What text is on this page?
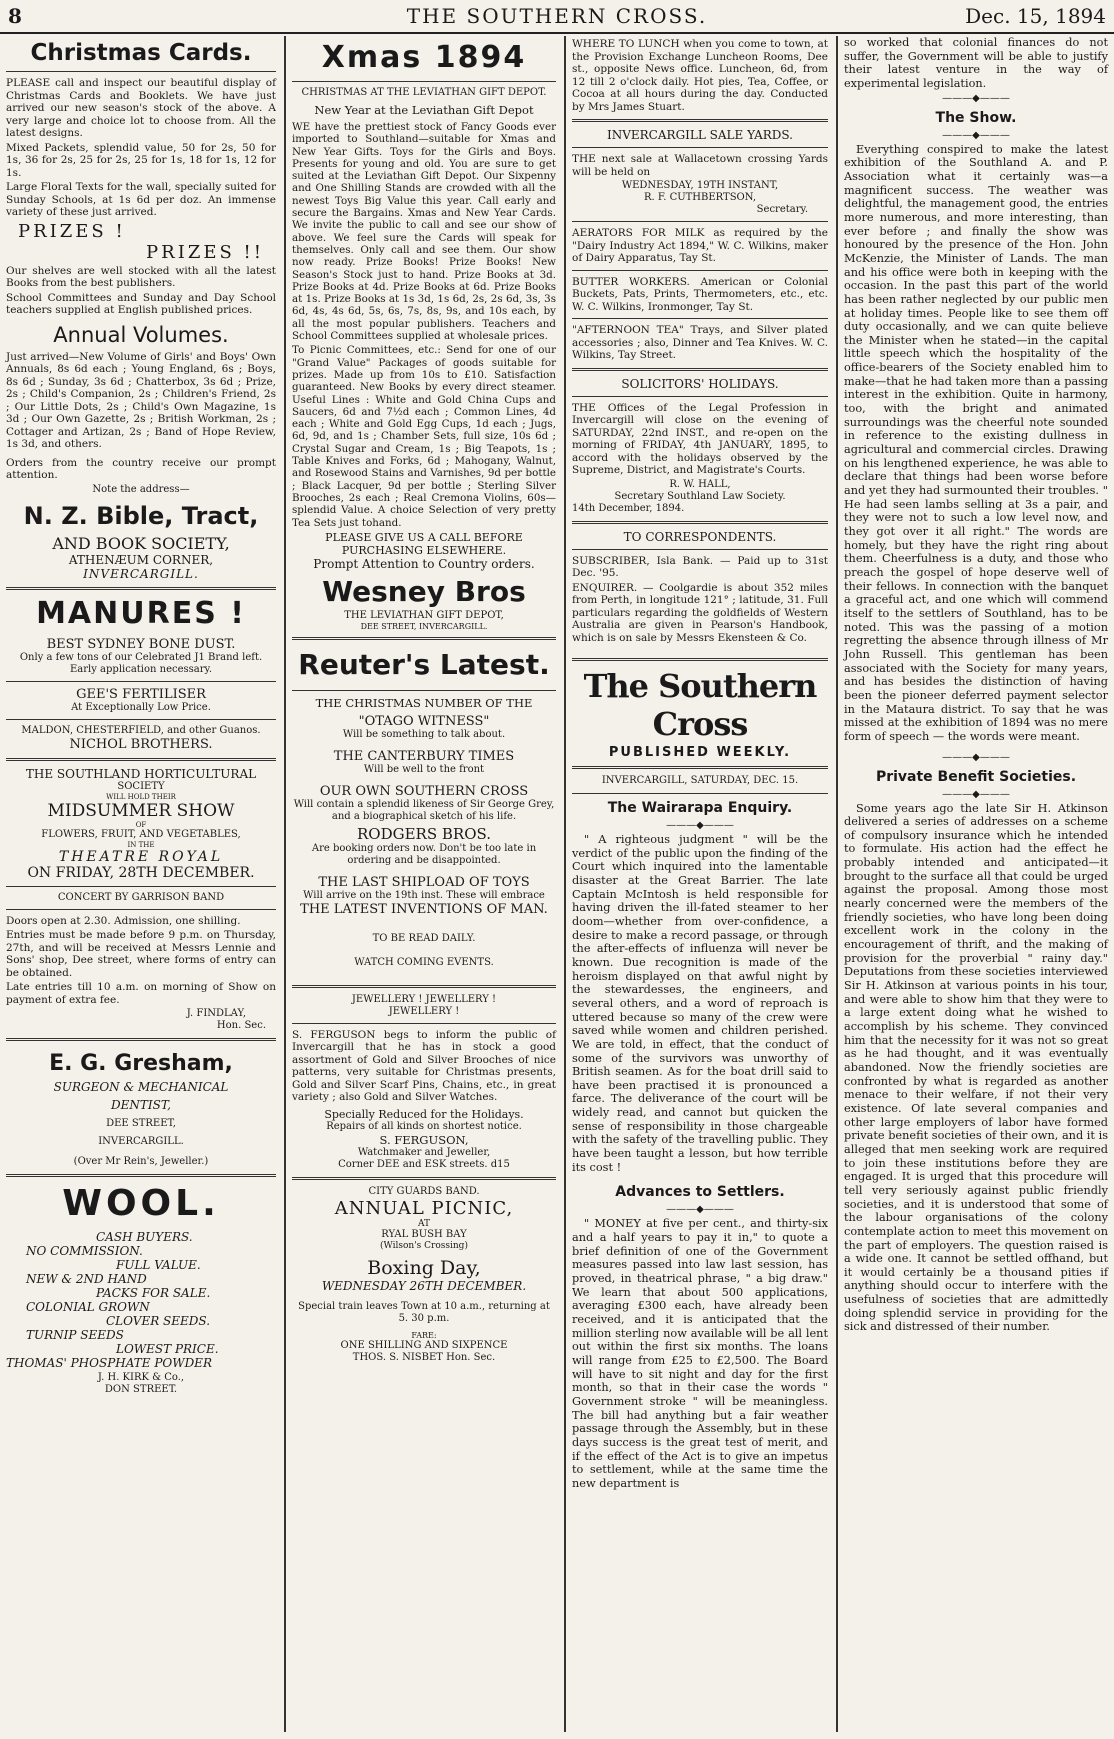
8	THE SOUTHERN CROSS.	Dec. 15, 1894
Christmas Cards.

PLEASE call and inspect our beautiful display of Christmas Cards and Booklets. We have just arrived our new season's stock of the above. A very large and choice lot to choose from. All the latest designs.

Mixed Packets, splendid value, 50 for 2s, 50 for 1s, 36 for 2s, 25 for 2s, 25 for 1s, 18 for 1s, 12 for 1s.

Large Floral Texts for the wall, specially suited for Sunday Schools, at 1s 6d per doz. An immense variety of these just arrived.

PRIZES !
PRIZES !!

Our shelves are well stocked with all the latest Books from the best publishers.

School Committees and Sunday and Day School teachers supplied at English published prices.

Annual Volumes.

Just arrived—New Volume of Girls' and Boys' Own Annuals, 8s 6d each ; Young England, 6s ; Boys, 8s 6d ; Sunday, 3s 6d ; Chatterbox, 3s 6d ; Prize, 2s ; Child's Companion, 2s ; Children's Friend, 2s ; Our Little Dots, 2s ; Child's Own Magazine, 1s 3d ; Our Own Gazette, 2s ; British Workman, 2s ; Cottager and Artizan, 2s ; Band of Hope Review, 1s 3d, and others.

Orders from the country receive our prompt attention.

Note the address—
N. Z. Bible, Tract,
AND BOOK SOCIETY,
ATHENÆUM CORNER,
INVERCARGILL.
MANURES !
BEST SYDNEY BONE DUST.
Only a few tons of our Celebrated J1 Brand left. Early application necessary.
GEE'S FERTILISER
At Exceptionally Low Price.
MALDON, CHESTERFIELD, and other Guanos.
NICHOL BROTHERS.
THE SOUTHLAND HORTICULTURAL
SOCIETY
WILL HOLD THEIR
MIDSUMMER SHOW
OF
FLOWERS, FRUIT, AND VEGETABLES,
IN THE
THEATRE ROYAL
ON FRIDAY, 28TH DECEMBER.
CONCERT BY GARRISON BAND

Doors open at 2.30. Admission, one shilling.

Entries must be made before 9 p.m. on Thursday, 27th, and will be received at Messrs Lennie and Sons' shop, Dee street, where forms of entry can be obtained.

Late entries till 10 a.m. on morning of Show on payment of extra fee.

J. FINDLAY,
Hon. Sec.
E. G. Gresham,
SURGEON & MECHANICAL
DENTIST,
DEE STREET,
INVERCARGILL.
(Over Mr Rein's, Jeweller.)
WOOL.
CASH BUYERS.
NO COMMISSION.
FULL VALUE.
NEW & 2ND HAND
PACKS FOR SALE.
COLONIAL GROWN
CLOVER SEEDS.
TURNIP SEEDS
LOWEST PRICE.
THOMAS' PHOSPHATE POWDER
J. H. KIRK & Co.,
DON STREET.
Xmas 1894
CHRISTMAS AT THE LEVIATHAN GIFT DEPOT.
New Year at the Leviathan Gift Depot

WE have the prettiest stock of Fancy Goods ever imported to Southland—suitable for Xmas and New Year Gifts. Toys for the Girls and Boys. Presents for young and old. You are sure to get suited at the Leviathan Gift Depot. Our Sixpenny and One Shilling Stands are crowded with all the newest Toys Big Value this year. Call early and secure the Bargains. Xmas and New Year Cards. We invite the public to call and see our show of above. We feel sure the Cards will speak for themselves. Only call and see them. Our show now ready. Prize Books! Prize Books! New Season's Stock just to hand. Prize Books at 3d. Prize Books at 4d. Prize Books at 6d. Prize Books at 1s. Prize Books at 1s 3d, 1s 6d, 2s, 2s 6d, 3s, 3s 6d, 4s, 4s 6d, 5s, 6s, 7s, 8s, 9s, and 10s each, by all the most popular publishers. Teachers and School Committees supplied at wholesale prices.

To Picnic Committees, etc.: Send for one of our "Grand Value" Packages of goods suitable for prizes. Made up from 10s to £10. Satisfaction guaranteed. New Books by every direct steamer. Useful Lines : White and Gold China Cups and Saucers, 6d and 7½d each ; Common Lines, 4d each ; White and Gold Egg Cups, 1d each ; Jugs, 6d, 9d, and 1s ; Chamber Sets, full size, 10s 6d ; Crystal Sugar and Cream, 1s ; Big Teapots, 1s ; Table Knives and Forks, 6d ; Mahogany, Walnut, and Rosewood Stains and Varnishes, 9d per bottle ; Black Lacquer, 9d per bottle ; Sterling Silver Brooches, 2s each ; Real Cremona Violins, 60s—splendid Value. A choice Selection of very pretty Tea Sets just tohand.

PLEASE GIVE US A CALL BEFORE
PURCHASING ELSEWHERE.
Prompt Attention to Country orders.
Wesney Bros
THE LEVIATHAN GIFT DEPOT,
DEE STREET, INVERCARGILL.
Reuter's Latest.
THE CHRISTMAS NUMBER OF THE
"OTAGO WITNESS"
Will be something to talk about.
THE CANTERBURY TIMES
Will be well to the front
OUR OWN SOUTHERN CROSS
Will contain a splendid likeness of Sir George Grey, and a biographical sketch of his life.
RODGERS BROS.
Are booking orders now. Don't be too late in ordering and be disappointed.
THE LAST SHIPLOAD OF TOYS
Will arrive on the 19th inst. These will embrace
THE LATEST INVENTIONS OF MAN.
TO BE READ DAILY.
WATCH COMING EVENTS.
JEWELLERY ! JEWELLERY !
JEWELLERY !

S. FERGUSON begs to inform the public of Invercargill that he has in stock a good assortment of Gold and Silver Brooches of nice patterns, very suitable for Christmas presents, Gold and Silver Scarf Pins, Chains, etc., in great variety ; also Gold and Silver Watches.

Specially Reduced for the Holidays.
Repairs of all kinds on shortest notice.
S. FERGUSON,
Watchmaker and Jeweller,
Corner DEE and ESK streets. d15
CITY GUARDS BAND.
ANNUAL PICNIC,
AT
RYAL BUSH BAY
(Wilson's Crossing)
Boxing Day,
WEDNESDAY 26TH DECEMBER.
Special train leaves Town at 10 a.m., returning at 5. 30 p.m.
FARE:
ONE SHILLING AND SIXPENCE
THOS. S. NISBET Hon. Sec.

WHERE TO LUNCH when you come to town, at the Provision Exchange Luncheon Rooms, Dee st., opposite News office. Luncheon, 6d, from 12 till 2 o'clock daily. Hot pies, Tea, Coffee, or Cocoa at all hours during the day. Conducted by Mrs James Stuart.

INVERCARGILL SALE YARDS.

THE next sale at Wallacetown crossing Yards will be held on

WEDNESDAY, 19TH INSTANT,
R. F. CUTHBERTSON,
Secretary.

AERATORS FOR MILK as required by the "Dairy Industry Act 1894," W. C. Wilkins, maker of Dairy Apparatus, Tay St.

BUTTER WORKERS. American or Colonial Buckets, Pats, Prints, Thermometers, etc., etc. W. C. Wilkins, Ironmonger, Tay St.

"AFTERNOON TEA" Trays, and Silver plated accessories ; also, Dinner and Tea Knives. W. C. Wilkins, Tay Street.

SOLICITORS' HOLIDAYS.

THE Offices of the Legal Profession in Invercargill will close on the evening of SATURDAY, 22nd INST., and re-open on the morning of FRIDAY, 4th JANUARY, 1895, to accord with the holidays observed by the Supreme, District, and Magistrate's Courts.

R. W. HALL,
Secretary Southland Law Society.
14th December, 1894.
TO CORRESPONDENTS.

SUBSCRIBER, Isla Bank. — Paid up to 31st Dec. '95.

ENQUIRER. — Coolgardie is about 352 miles from Perth, in longitude 121° ; latitude, 31. Full particulars regarding the goldfields of Western Australia are given in Pearson's Handbook, which is on sale by Messrs Ekensteen & Co.

The Southern Cross
PUBLISHED WEEKLY.
INVERCARGILL, SATURDAY, DEC. 15.
The Wairarapa Enquiry.
———◆———

" A righteous judgment " will be the verdict of the public upon the finding of the Court which inquired into the lamentable disaster at the Great Barrier. The late Captain McIntosh is held responsible for having driven the ill-fated steamer to her doom—whether from over-confidence, a desire to make a record passage, or through the after-effects of influenza will never be known. Due recognition is made of the heroism displayed on that awful night by the stewardesses, the engineers, and several others, and a word of reproach is uttered because so many of the crew were saved while women and children perished. We are told, in effect, that the conduct of some of the survivors was unworthy of British seamen. As for the boat drill said to have been practised it is pronounced a farce. The deliverance of the court will be widely read, and cannot but quicken the sense of responsibility in those chargeable with the safety of the travelling public. They have been taught a lesson, but how terrible its cost !

Advances to Settlers.
———◆———

" MONEY at five per cent., and thirty-six and a half years to pay it in," to quote a brief definition of one of the Government measures passed into law last session, has proved, in theatrical phrase, " a big draw." We learn that about 500 applications, averaging £300 each, have already been received, and it is anticipated that the million sterling now available will be all lent out within the first six months. The loans will range from £25 to £2,500. The Board will have to sit night and day for the first month, so that in their case the words " Government stroke " will be meaningless. The bill had anything but a fair weather passage through the Assembly, but in these days success is the great test of merit, and if the effect of the Act is to give an impetus to settlement, while at the same time the new department is

so worked that colonial finances do not suffer, the Government will be able to justify their latest venture in the way of experimental legislation.

———◆———
The Show.
———◆———

Everything conspired to make the latest exhibition of the Southland A. and P. Association what it certainly was—a magnificent success. The weather was delightful, the management good, the entries more numerous, and more interesting, than ever before ; and finally the show was honoured by the presence of the Hon. John McKenzie, the Minister of Lands. The man and his office were both in keeping with the occasion. In the past this part of the world has been rather neglected by our public men at holiday times. People like to see them off duty occasionally, and we can quite believe the Minister when he stated—in the capital little speech which the hospitality of the office-bearers of the Society enabled him to make—that he had taken more than a passing interest in the exhibition. Quite in harmony, too, with the bright and animated surroundings was the cheerful note sounded in reference to the existing dullness in agricultural and commercial circles. Drawing on his lengthened experience, he was able to declare that things had been worse before and yet they had surmounted their troubles. " He had seen lambs selling at 3s a pair, and they were not to such a low level now, and they got over it all right." The words are homely, but they have the right ring about them. Cheerfulness is a duty, and those who preach the gospel of hope deserve well of their fellows. In connection with the banquet a graceful act, and one which will commend itself to the settlers of Southland, has to be noted. This was the passing of a motion regretting the absence through illness of Mr John Russell. This gentleman has been associated with the Society for many years, and has besides the distinction of having been the pioneer deferred payment selector in the Mataura district. To say that he was missed at the exhibition of 1894 was no mere form of speech — the words were meant.

———◆———
Private Benefit Societies.
———◆———

Some years ago the late Sir H. Atkinson delivered a series of addresses on a scheme of compulsory insurance which he intended to formulate. His action had the effect he probably intended and anticipated—it brought to the surface all that could be urged against the proposal. Among those most nearly concerned were the members of the friendly societies, who have long been doing excellent work in the colony in the encouragement of thrift, and the making of provision for the proverbial " rainy day." Deputations from these societies interviewed Sir H. Atkinson at various points in his tour, and were able to show him that they were to a large extent doing what he wished to accomplish by his scheme. They convinced him that the necessity for it was not so great as he had thought, and it was eventually abandoned. Now the friendly societies are confronted by what is regarded as another menace to their welfare, if not their very existence. Of late several companies and other large employers of labor have formed private benefit societies of their own, and it is alleged that men seeking work are required to join these institutions before they are engaged. It is urged that this procedure will tell very seriously against public friendly societies, and it is understood that some of the labour organisations of the colony contemplate action to meet this movement on the part of employers. The question raised is a wide one. It cannot be settled offhand, but it would certainly be a thousand pities if anything should occur to interfere with the usefulness of societies that are admittedly doing splendid service in providing for the sick and distressed of their number.
